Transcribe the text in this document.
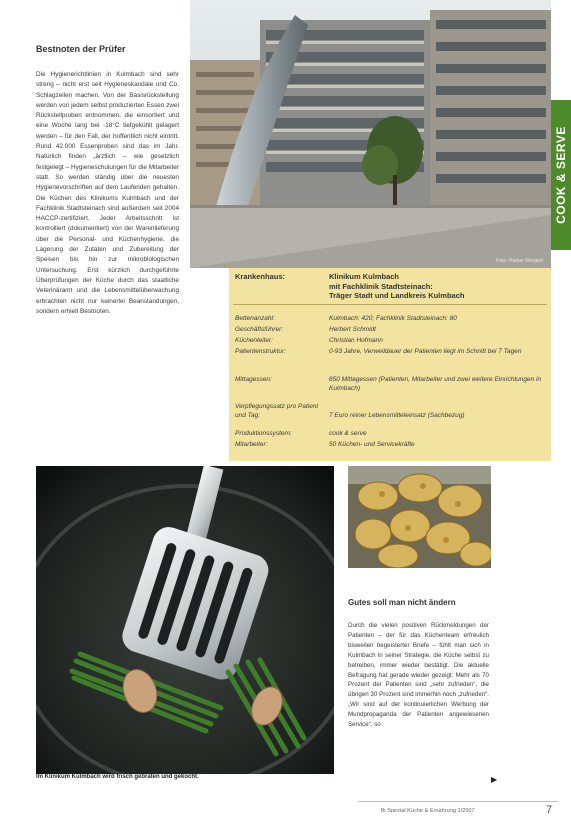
Bestnoten der Prüfer
Die Hygienerichtlinien in Kulmbach sind sehr streng – nicht erst seit Hygieneskandale und Co. Schlagzeilen machen. Von der Basisrückstellung werden von jedem selbst produzierten Essen zwei Rückstellproben entnommen, die einsortiert und eine Woche lang bei -18°C tiefgekühlt gelagert werden – für den Fall, der hoffentlich nicht eintritt. Rund 42.000 Essenproben sind das im Jahr. Natürlich finden „ärztlich – wie gesetzlich festgelegt – Hygieneschulungen für die Mitarbeiter statt. So werden ständig über die neuesten Hygienevorschriften auf dem Laufenden gehalten. Die Küchen des Klinikums Kulmbach und der Fachklinik Stadtsteinach sind außerdem seit 2004 HACCP-zertifiziert. Jeder Arbeitsschritt ist kontrolliert (dokumentiert) von der Warenlieferung über die Personal- und Küchenhygiene, die Lagerung der Zutaten und Zubereitung der Speisen bis hin zur mikrobiologischen Untersuchung. Erst kürzlich durchgeführte Überprüfungen der Küche durch das staatliche Veterinäramt und die Lebensmittelüberwachung erbrachten nicht nur keinerlei Beanstandungen, sondern erhielt Bestnoten.
Foto: Rainer Rengert
COOK & SERVE
Krankenhaus:	Klinikum Kulmbach
mit Fachklinik Stadtsteinach:
Träger Stadt und Landkreis Kulmbach
Bettenanzahl:	Kulmbach: 420; Fachklinik Stadtsteinach: 80
Geschäftsführer:	Herbert Schmidt
Küchenleiter:	Christian Hofmann
Patientenstruktur:	0-93 Jahre, Verweildauer der Patienten liegt im Schnitt bei 7 Tagen
Mittagessen:	650 Mittagessen (Patienten, Mitarbeiter und zwei weitere Einrichtungen in Kulmbach)
Verpflegungssatz pro Patient und Tag:	7 Euro reiner Lebensmitteleinsatz (Sachbezug)
Produktionssystem:	cook & serve
Mitarbeiter:	50 Küchen- und Servicekräfte
Im Klinikum Kulmbach wird frisch gebraten und gekocht.
Gutes soll man nicht ändern
Durch die vielen positiven Rückmeldungen der Patienten – der für das Küchenteam erfreulich bisweilen begeisterter Briefe – fühlt man sich in Kulmbach in seiner Strategie, die Küche selbst zu betreiben, immer wieder bestätigt. Die aktuelle Befragung hat gerade wieder gezeigt: Mehr als 70 Prozent der Patienten sind „sehr zufrieden“, die übrigen 30 Prozent sind immerhin noch „zufrieden“. „Wir sind auf der kontinuierlichen Werbung der Mundpropaganda der Patienten angewiesenen Service“, so
▶
fb Spezial Küche & Ernährung 1/2007	7
